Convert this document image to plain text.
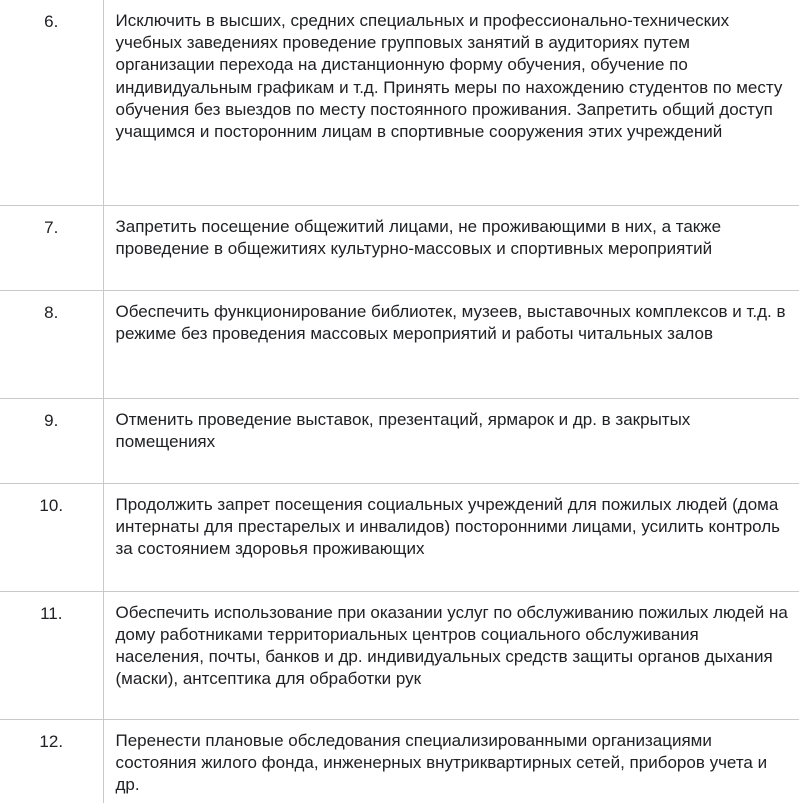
6.	Исключить в высших, средних специальных и профессионально-технических учебных заведениях проведение групповых занятий в аудиториях путем организации перехода на дистанционную форму обучения, обучение по индивидуальным графикам и т.д. Принять меры по нахождению студентов по месту обучения без выездов по месту постоянного проживания. Запретить общий доступ учащимся и посторонним лицам в спортивные сооружения этих учреждений
7.	Запретить посещение общежитий лицами, не проживающими в них, а также проведение в общежитиях культурно-массовых и спортивных мероприятий
8.	Обеспечить функционирование библиотек, музеев, выставочных комплексов и т.д. в режиме без проведения массовых мероприятий и работы читальных залов
9.	Отменить проведение выставок, презентаций, ярмарок и др. в закрытых помещениях
10.	Продолжить запрет посещения социальных учреждений для пожилых людей (дома интернаты для престарелых и инвалидов) посторонними лицами, усилить контроль за состоянием здоровья проживающих
11.	Обеспечить использование при оказании услуг по обслуживанию пожилых людей на дому работниками территориальных центров социального обслуживания населения, почты, банков и др. индивидуальных средств защиты органов дыхания (маски), антсептика для обработки рук
12.	Перенести плановые обследования специализированными организациями состояния жилого фонда, инженерных внутриквартирных сетей, приборов учета и др.
